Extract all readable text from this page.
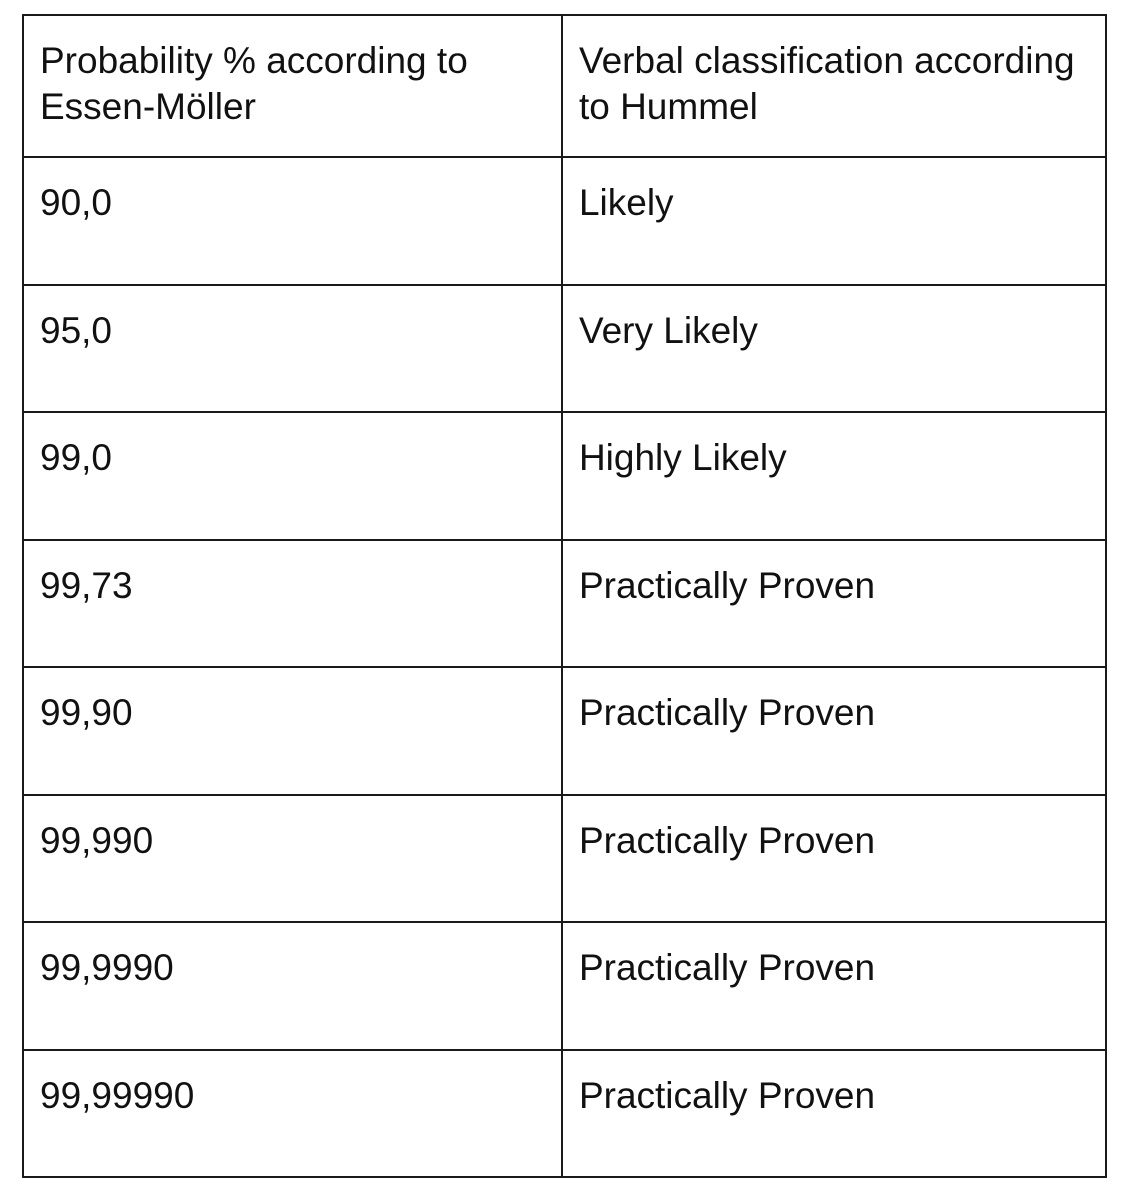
Probability % according to Essen-Möller	Verbal classification according to Hummel
90,0	Likely
95,0	Very Likely
99,0	Highly Likely
99,73	Practically Proven
99,90	Practically Proven
99,990	Practically Proven
99,9990	Practically Proven
99,99990	Practically Proven
